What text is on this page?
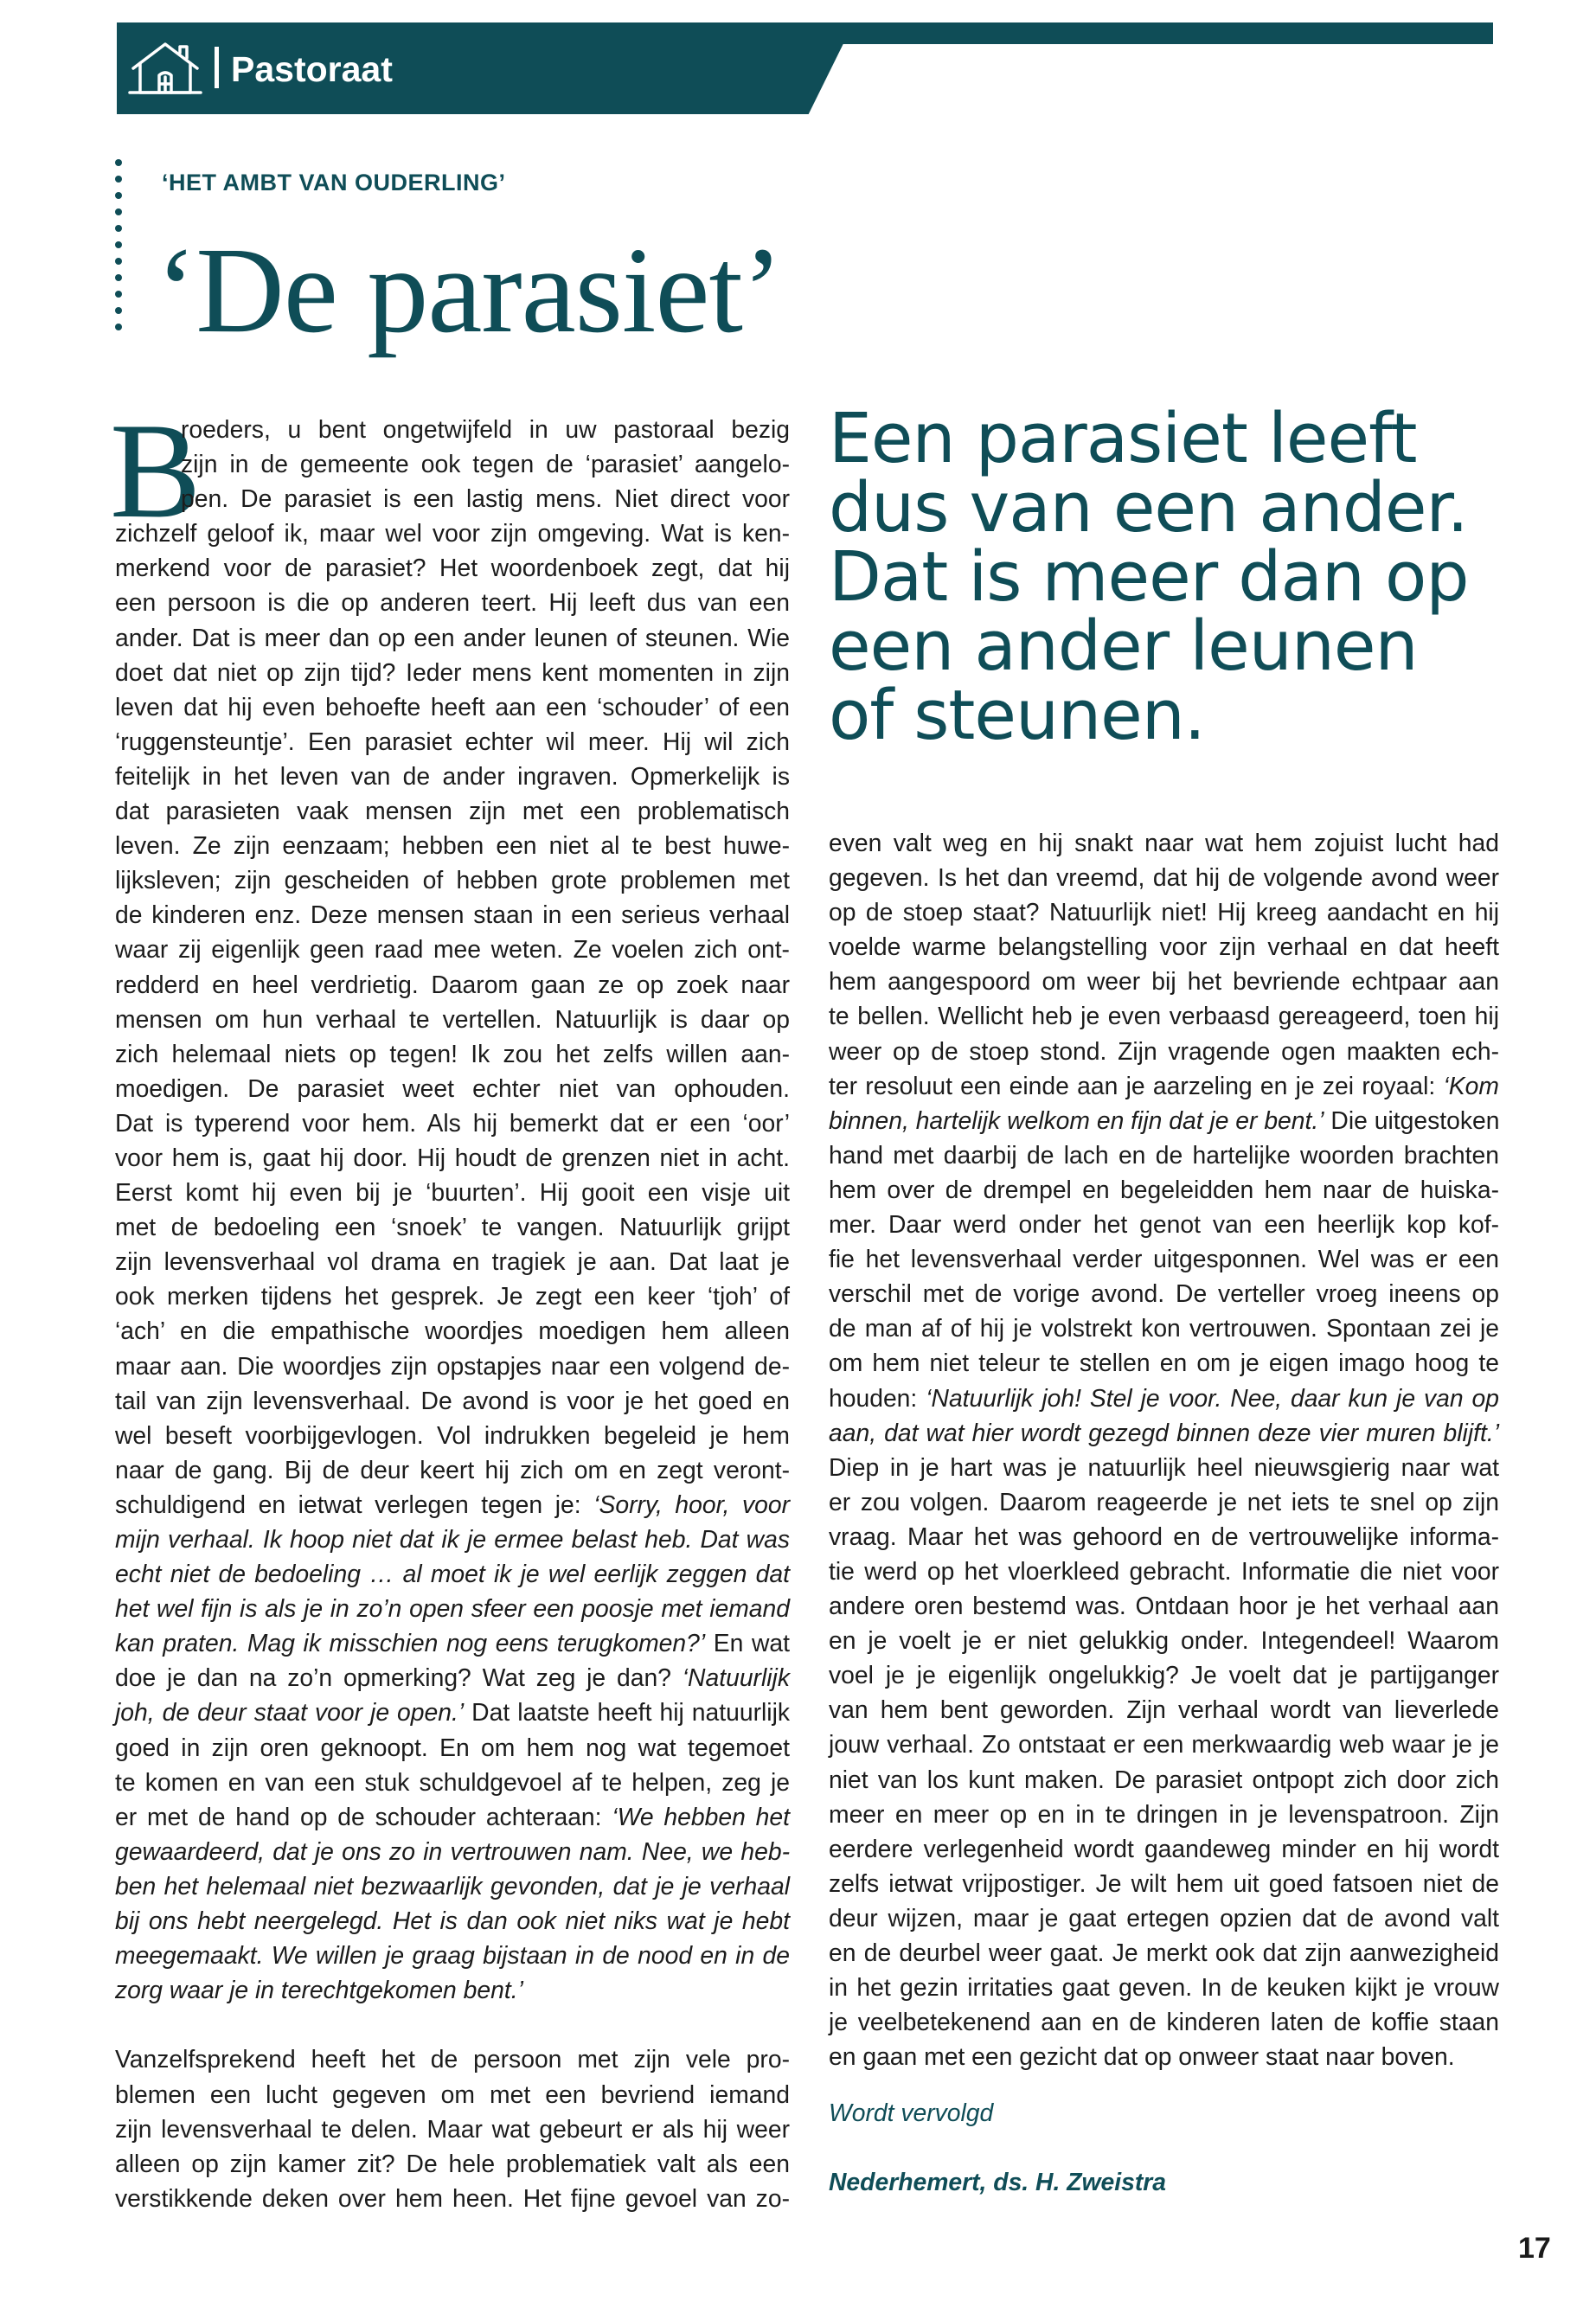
Pastoraat
‘HET AMBT VAN OUDERLING’
‘De parasiet’
B
roeders, u bent ongetwijfeld in uw pastoraal bezig
zijn in de gemeente ook tegen de ‘parasiet’ aangelo-
pen. De parasiet is een lastig mens. Niet direct voor
zichzelf geloof ik, maar wel voor zijn omgeving. Wat is ken-
merkend voor de parasiet? Het woordenboek zegt, dat hij
een persoon is die op anderen teert. Hij leeft dus van een
ander. Dat is meer dan op een ander leunen of steunen. Wie
doet dat niet op zijn tijd? Ieder mens kent momenten in zijn
leven dat hij even behoefte heeft aan een ‘schouder’ of een
‘ruggensteuntje’. Een parasiet echter wil meer. Hij wil zich
feitelijk in het leven van de ander ingraven. Opmerkelijk is
dat parasieten vaak mensen zijn met een problematisch
leven. Ze zijn eenzaam; hebben een niet al te best huwe-
lijksleven; zijn gescheiden of hebben grote problemen met
de kinderen enz. Deze mensen staan in een serieus verhaal
waar zij eigenlijk geen raad mee weten. Ze voelen zich ont-
redderd en heel verdrietig. Daarom gaan ze op zoek naar
mensen om hun verhaal te vertellen. Natuurlijk is daar op
zich helemaal niets op tegen! Ik zou het zelfs willen aan-
moedigen. De parasiet weet echter niet van ophouden.
Dat is typerend voor hem. Als hij bemerkt dat er een ‘oor’
voor hem is, gaat hij door. Hij houdt de grenzen niet in acht.
Eerst komt hij even bij je ‘buurten’. Hij gooit een visje uit
met de bedoeling een ‘snoek’ te vangen. Natuurlijk grijpt
zijn levensverhaal vol drama en tragiek je aan. Dat laat je
ook merken tijdens het gesprek. Je zegt een keer ‘tjoh’ of
‘ach’ en die empathische woordjes moedigen hem alleen
maar aan. Die woordjes zijn opstapjes naar een volgend de-
tail van zijn levensverhaal. De avond is voor je het goed en
wel beseft voorbijgevlogen. Vol indrukken begeleid je hem
naar de gang. Bij de deur keert hij zich om en zegt veront-
schuldigend en ietwat verlegen tegen je: ‘Sorry, hoor, voor
mijn verhaal. Ik hoop niet dat ik je ermee belast heb. Dat was
echt niet de bedoeling … al moet ik je wel eerlijk zeggen dat
het wel fijn is als je in zo’n open sfeer een poosje met iemand
kan praten. Mag ik misschien nog eens terugkomen?’ En wat
doe je dan na zo’n opmerking? Wat zeg je dan? ‘Natuurlijk
joh, de deur staat voor je open.’ Dat laatste heeft hij natuurlijk
goed in zijn oren geknoopt. En om hem nog wat tegemoet
te komen en van een stuk schuldgevoel af te helpen, zeg je
er met de hand op de schouder achteraan: ‘We hebben het
gewaardeerd, dat je ons zo in vertrouwen nam. Nee, we heb-
ben het helemaal niet bezwaarlijk gevonden, dat je je verhaal
bij ons hebt neergelegd. Het is dan ook niet niks wat je hebt
meegemaakt. We willen je graag bijstaan in de nood en in de
zorg waar je in terechtgekomen bent.’
Vanzelfsprekend heeft het de persoon met zijn vele pro-
blemen een lucht gegeven om met een bevriend iemand
zijn levensverhaal te delen. Maar wat gebeurt er als hij weer
alleen op zijn kamer zit? De hele problematiek valt als een
verstikkende deken over hem heen. Het fijne gevoel van zo-
Een parasiet leeft
dus van een ander.
Dat is meer dan op
een ander leunen
of steunen.
even valt weg en hij snakt naar wat hem zojuist lucht had
gegeven. Is het dan vreemd, dat hij de volgende avond weer
op de stoep staat? Natuurlijk niet! Hij kreeg aandacht en hij
voelde warme belangstelling voor zijn verhaal en dat heeft
hem aangespoord om weer bij het bevriende echtpaar aan
te bellen. Wellicht heb je even verbaasd gereageerd, toen hij
weer op de stoep stond. Zijn vragende ogen maakten ech-
ter resoluut een einde aan je aarzeling en je zei royaal: ‘Kom
binnen, hartelijk welkom en fijn dat je er bent.’ Die uitgestoken
hand met daarbij de lach en de hartelijke woorden brachten
hem over de drempel en begeleidden hem naar de huiska-
mer. Daar werd onder het genot van een heerlijk kop kof-
fie het levensverhaal verder uitgesponnen. Wel was er een
verschil met de vorige avond. De verteller vroeg ineens op
de man af of hij je volstrekt kon vertrouwen. Spontaan zei je
om hem niet teleur te stellen en om je eigen imago hoog te
houden: ‘Natuurlijk joh! Stel je voor. Nee, daar kun je van op
aan, dat wat hier wordt gezegd binnen deze vier muren blijft.’
Diep in je hart was je natuurlijk heel nieuwsgierig naar wat
er zou volgen. Daarom reageerde je net iets te snel op zijn
vraag. Maar het was gehoord en de vertrouwelijke informa-
tie werd op het vloerkleed gebracht. Informatie die niet voor
andere oren bestemd was. Ontdaan hoor je het verhaal aan
en je voelt je er niet gelukkig onder. Integendeel! Waarom
voel je je eigenlijk ongelukkig? Je voelt dat je partijganger
van hem bent geworden. Zijn verhaal wordt van lieverlede
jouw verhaal. Zo ontstaat er een merkwaardig web waar je je
niet van los kunt maken. De parasiet ontpopt zich door zich
meer en meer op en in te dringen in je levenspatroon. Zijn
eerdere verlegenheid wordt gaandeweg minder en hij wordt
zelfs ietwat vrijpostiger. Je wilt hem uit goed fatsoen niet de
deur wijzen, maar je gaat ertegen opzien dat de avond valt
en de deurbel weer gaat. Je merkt ook dat zijn aanwezigheid
in het gezin irritaties gaat geven. In de keuken kijkt je vrouw
je veelbetekenend aan en de kinderen laten de koffie staan
en gaan met een gezicht dat op onweer staat naar boven.
Wordt vervolgd
Nederhemert, ds. H. Zweistra
17
